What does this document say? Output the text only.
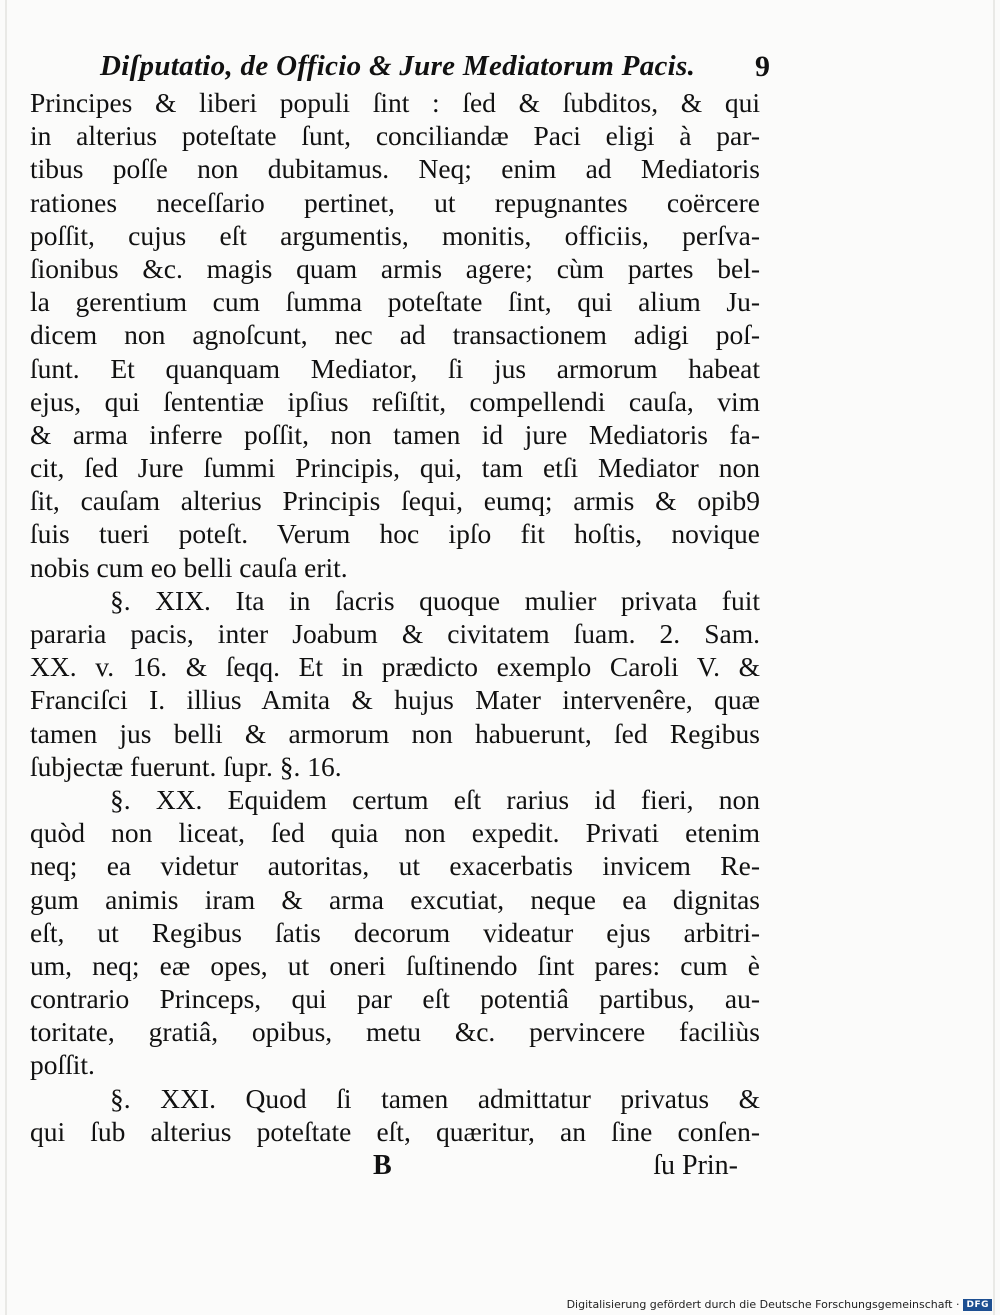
Diſputatio, de Officio & Jure Mediatorum Pacis. 9
Principes & liberi populi ſint : ſed & ſubditos, & qui
in alterius poteſtate ſunt, conciliandæ Paci eligi à par-
tibus poſſe non dubitamus. Neq; enim ad Mediatoris
rationes neceſſario pertinet, ut repugnantes coërcere
poſſit, cujus eſt argumentis, monitis, officiis, perſva-
ſionibus &c. magis quam armis agere; cùm partes bel-
la gerentium cum ſumma poteſtate ſint, qui alium Ju-
dicem non agnoſcunt, nec ad transactionem adigi poſ-
ſunt. Et quanquam Mediator, ſi jus armorum habeat
ejus, qui ſententiæ ipſius reſiſtit, compellendi cauſa, vim
& arma inferre poſſit, non tamen id jure Mediatoris fa-
cit, ſed Jure ſummi Principis, qui, tam etſi Mediator non
ſit, cauſam alterius Principis ſequi, eumq; armis & opib9
ſuis tueri poteſt. Verum hoc ipſo fit hoſtis, novique
nobis cum eo belli cauſa erit.
§. XIX. Ita in ſacris quoque mulier privata fuit
pararia pacis, inter Joabum & civitatem ſuam. 2. Sam.
XX. v. 16. & ſeqq. Et in prædicto exemplo Caroli V. &
Franciſci I. illius Amita & hujus Mater intervenêre, quæ
tamen jus belli & armorum non habuerunt, ſed Regibus
ſubjectæ fuerunt. ſupr. §. 16.
§. XX. Equidem certum eſt rarius id fieri, non
quòd non liceat, ſed quia non expedit. Privati etenim
neq; ea videtur autoritas, ut exacerbatis invicem Re-
gum animis iram & arma excutiat, neque ea dignitas
eſt, ut Regibus ſatis decorum videatur ejus arbitri-
um, neq; eæ opes, ut oneri ſuſtinendo ſint pares: cum è
contrario Princeps, qui par eſt potentiâ partibus, au-
toritate, gratiâ, opibus, metu &c. pervincere faciliùs
poſſit.
§. XXI. Quod ſi tamen admittatur privatus &
qui ſub alterius poteſtate eſt, quæritur, an ſine conſen-
B	ſu Prin-
Digitalisierung gefördert durch die Deutsche Forschungsgemeinschaft · DFG
